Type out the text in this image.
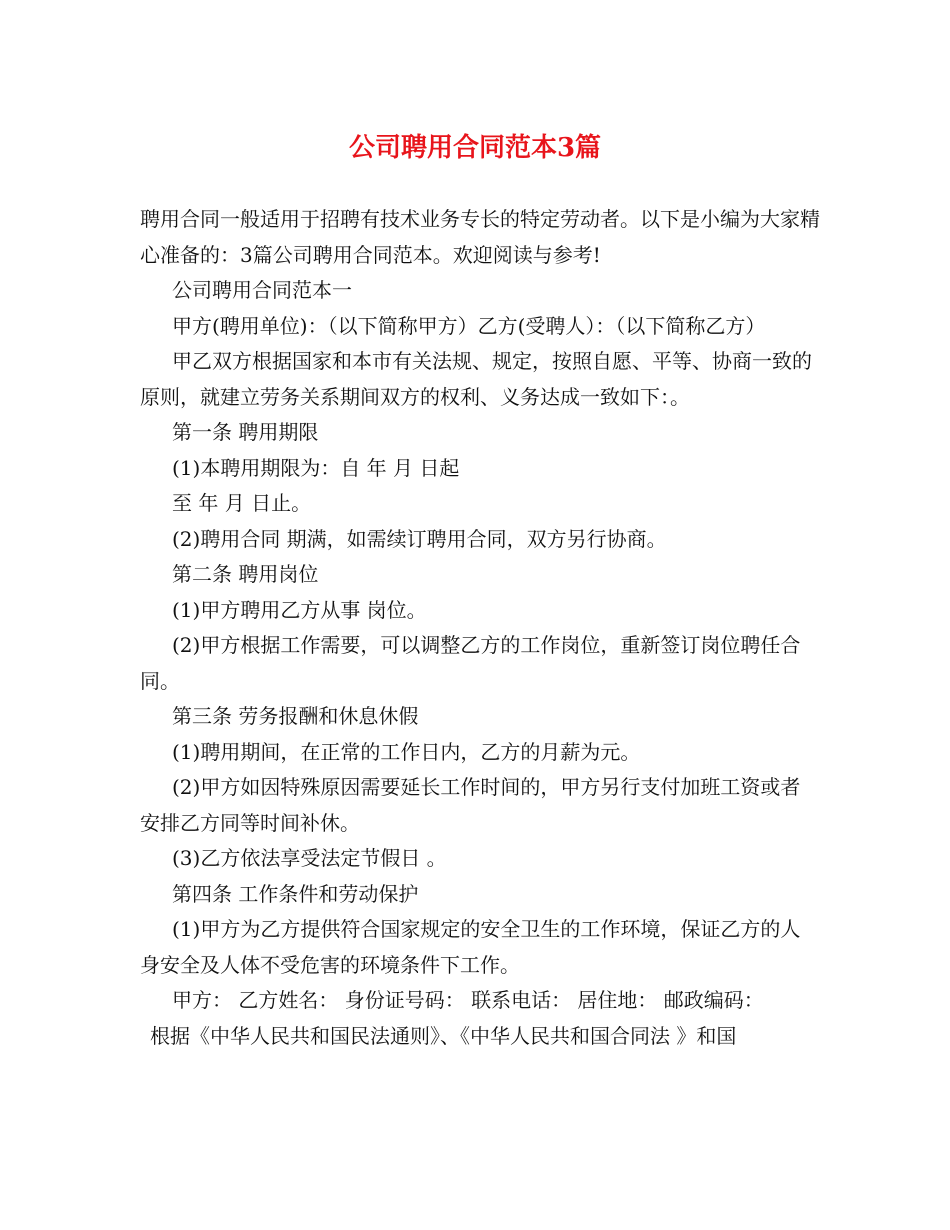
公司聘用合同范本3篇

聘用合同一般适用于招聘有技术业务专长的特定劳动者。以下是小编为大家精心准备的：3篇公司聘用合同范本。欢迎阅读与参考!

公司聘用合同范本一

甲方(聘用单位)：（以下简称甲方）乙方(受聘人）：（以下简称乙方）

甲乙双方根据国家和本市有关法规、规定，按照自愿、平等、协商一致的原则，就建立劳务关系期间双方的权利、义务达成一致如下：。

第一条 聘用期限

(1)本聘用期限为：自 年 月 日起

至 年 月 日止。

(2)聘用合同 期满，如需续订聘用合同，双方另行协商。

第二条 聘用岗位

(1)甲方聘用乙方从事 岗位。

(2)甲方根据工作需要，可以调整乙方的工作岗位，重新签订岗位聘任合同。

第三条 劳务报酬和休息休假

(1)聘用期间，在正常的工作日内，乙方的月薪为元。

(2)甲方如因特殊原因需要延长工作时间的，甲方另行支付加班工资或者安排乙方同等时间补休。

(3)乙方依法享受法定节假日 。

第四条 工作条件和劳动保护

(1)甲方为乙方提供符合国家规定的安全卫生的工作环境，保证乙方的人身安全及人体不受危害的环境条件下工作。

甲方： 乙方姓名： 身份证号码： 联系电话： 居住地： 邮政编码：

根据《中华人民共和国民法通则》、《中华人民共和国合同法 》和国
